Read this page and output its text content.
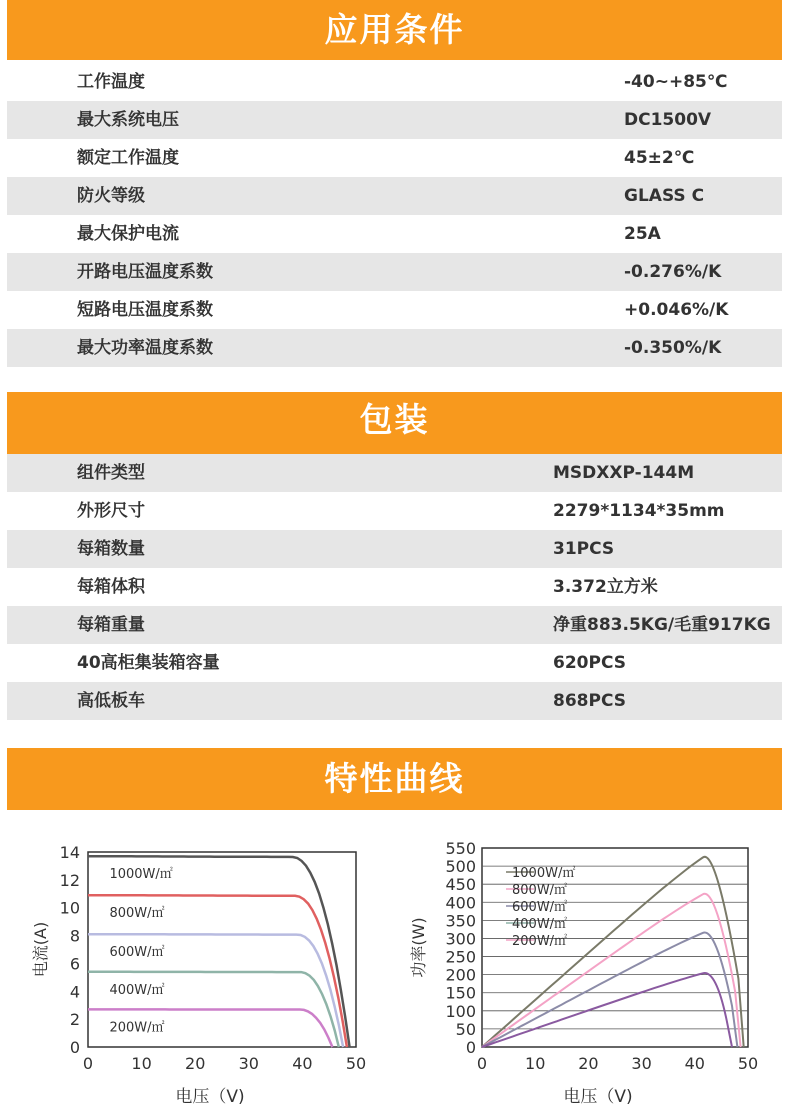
应用条件
工作温度	-40~+85℃
最大系统电压	DC1500V
额定工作温度	45±2℃
防火等级	GLASS C
最大保护电流	25A
开路电压温度系数	-0.276%/K
短路电压温度系数	+0.046%/K
最大功率温度系数	-0.350%/K
包装
组件类型	MSDXXP-144M
外形尺寸	2279*1134*35mm
每箱数量	31PCS
每箱体积	3.372立方米
每箱重量	净重883.5KG/毛重917KG
40高柜集装箱容量	620PCS
高低板车	868PCS
特性曲线
0
2
4
6
8
10
12
14
0 10 20 30 40 50
电压（V)
电流(A)
1000W/㎡
800W/㎡
600W/㎡
400W/㎡
200W/㎡
0
50
100
150
200
250
300
350
400
450
500
550
0 10 20 30 40 50
电压（V)
功率(W)
1000W/㎡
800W/㎡
600W/㎡
400W/㎡
200W/㎡
